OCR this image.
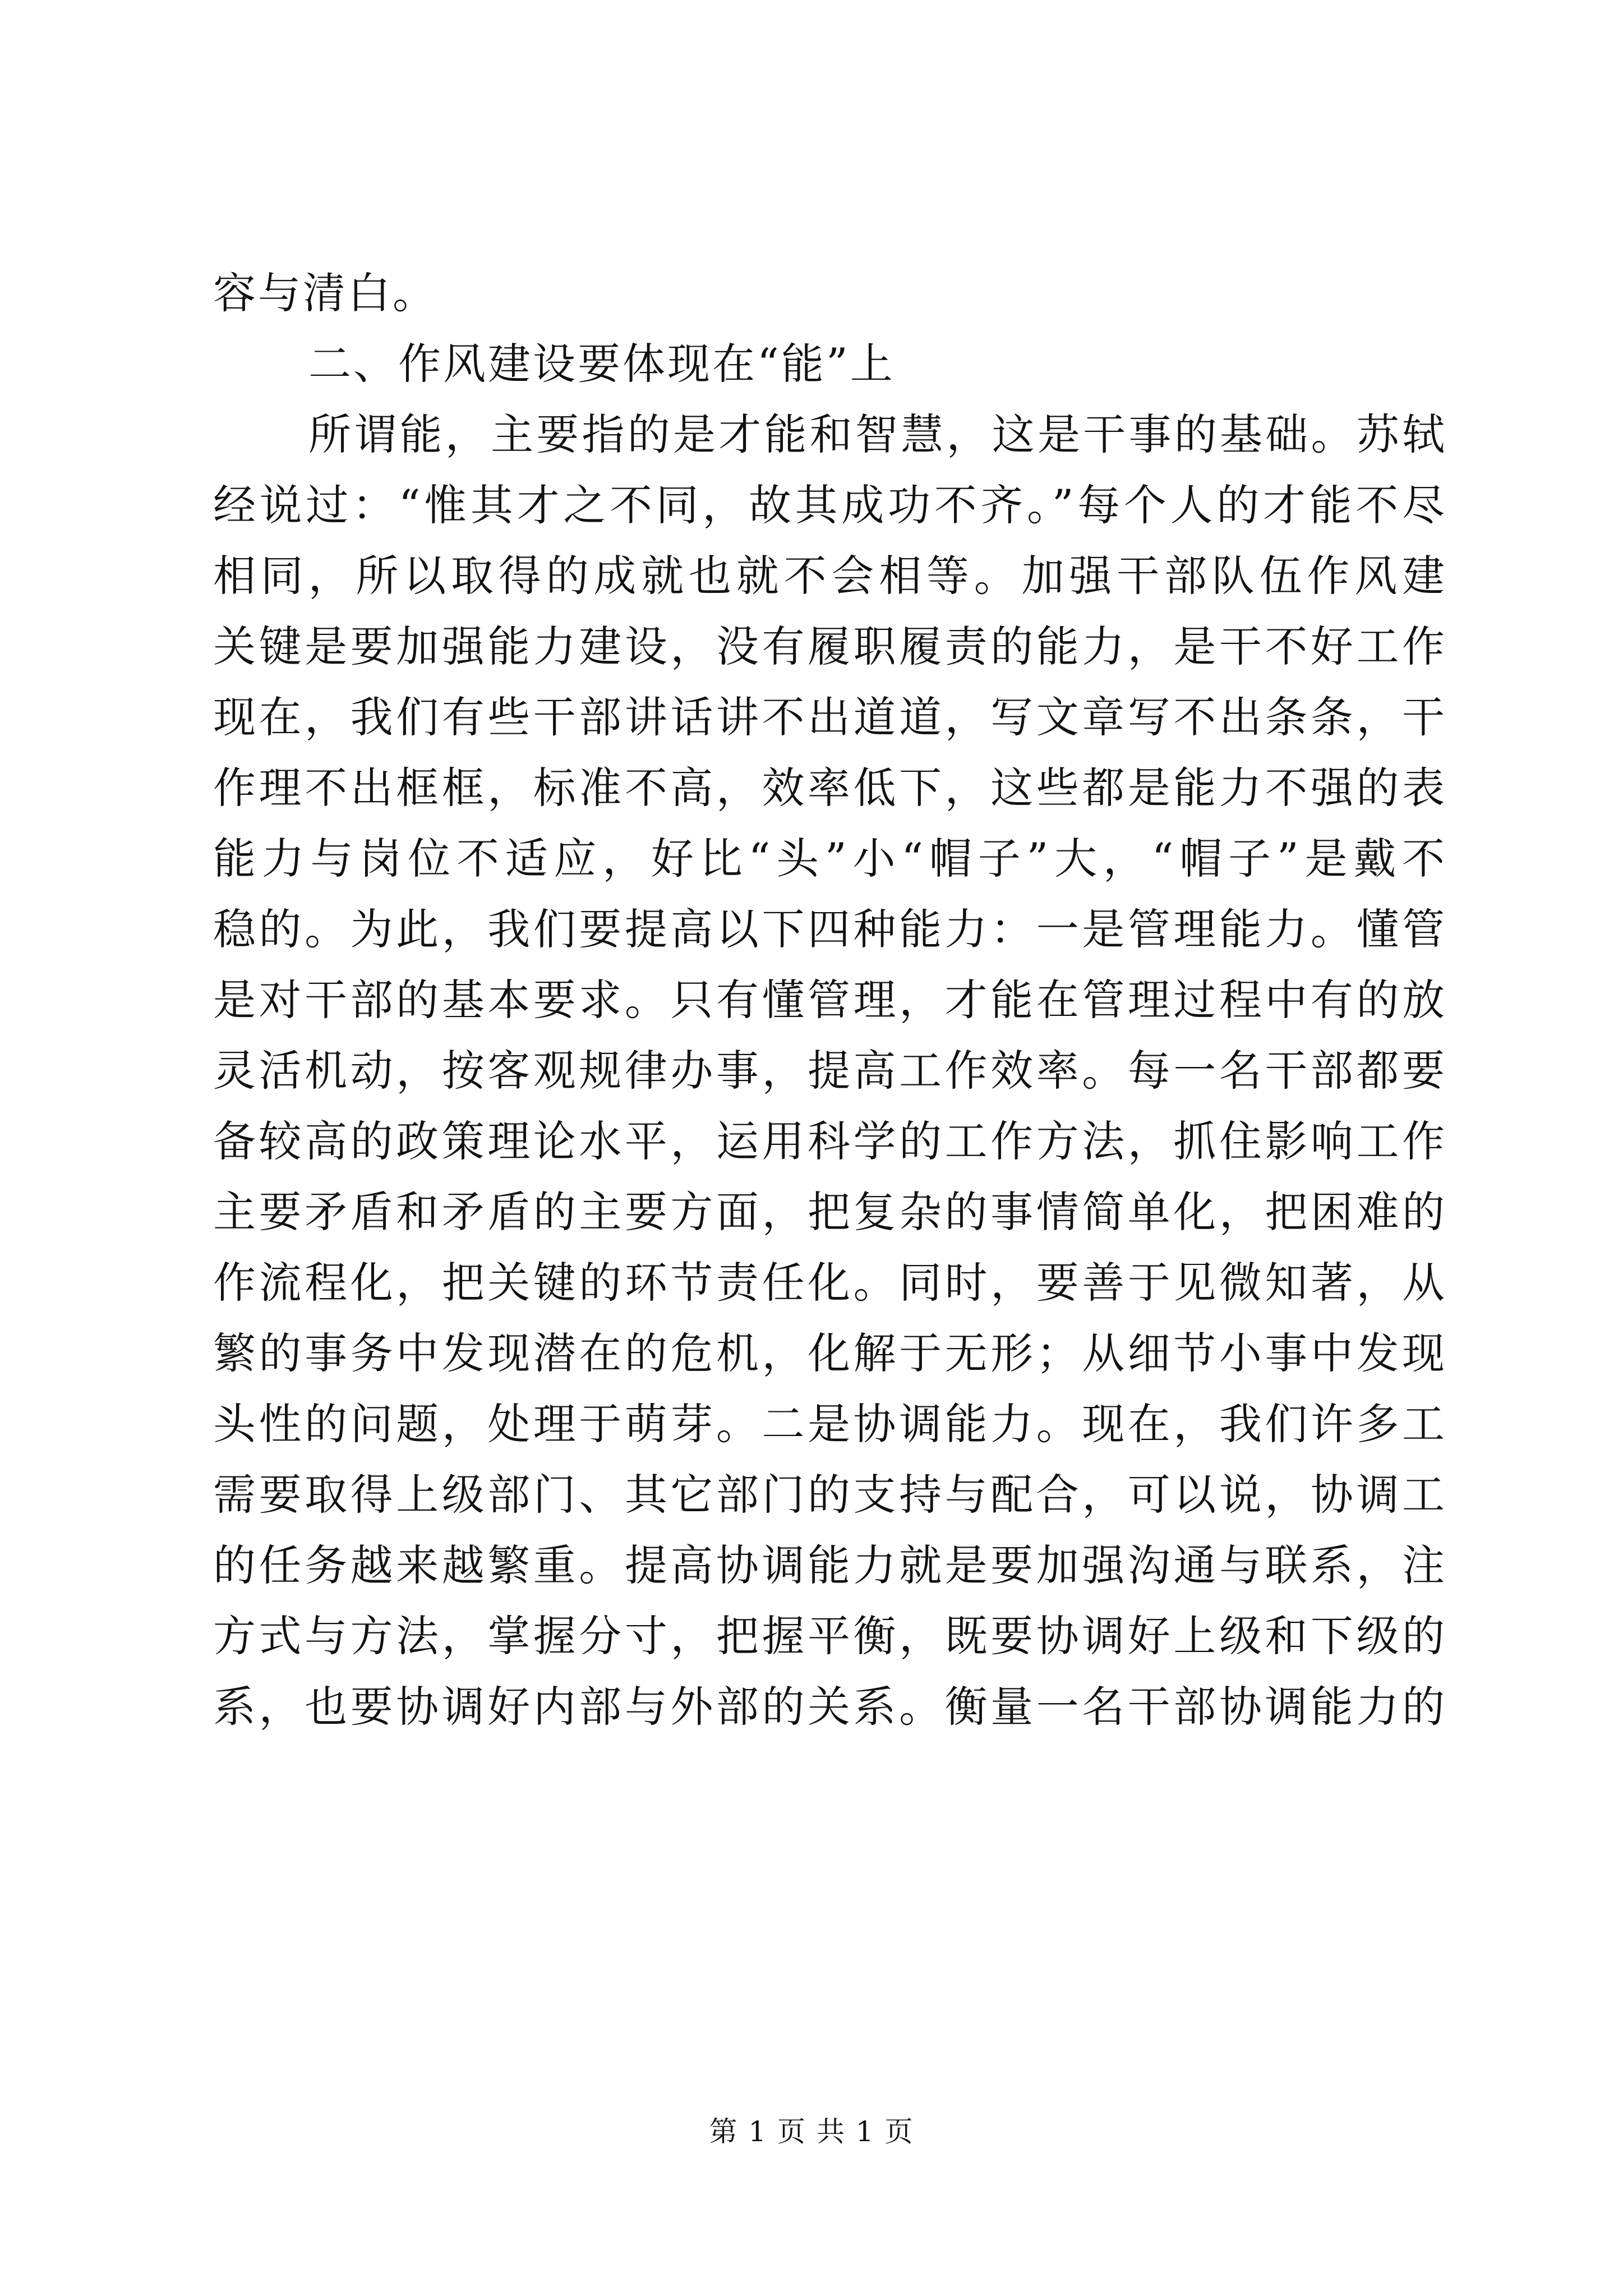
容与清白。
二、作风建设要体现在“能”上
所谓能，主要指的是才能和智慧，这是干事的基础。苏轼
经说过：“惟其才之不同，故其成功不齐。”每个人的才能不尽
相同，所以取得的成就也就不会相等。加强干部队伍作风建
关键是要加强能力建设，没有履职履责的能力，是干不好工作
现在，我们有些干部讲话讲不出道道，写文章写不出条条，干
作理不出框框，标准不高，效率低下，这些都是能力不强的表
能力与岗位不适应，好比“头”小“帽子”大，“帽子”是戴不
稳的。为此，我们要提高以下四种能力：一是管理能力。懂管
是对干部的基本要求。只有懂管理，才能在管理过程中有的放
灵活机动，按客观规律办事，提高工作效率。每一名干部都要
备较高的政策理论水平，运用科学的工作方法，抓住影响工作
主要矛盾和矛盾的主要方面，把复杂的事情简单化，把困难的
作流程化，把关键的环节责任化。同时，要善于见微知著，从
繁的事务中发现潜在的危机，化解于无形；从细节小事中发现
头性的问题，处理于萌芽。二是协调能力。现在，我们许多工
需要取得上级部门、其它部门的支持与配合，可以说，协调工
的任务越来越繁重。提高协调能力就是要加强沟通与联系，注
方式与方法，掌握分寸，把握平衡，既要协调好上级和下级的
系，也要协调好内部与外部的关系。衡量一名干部协调能力的
第 1 页 共 1 页
